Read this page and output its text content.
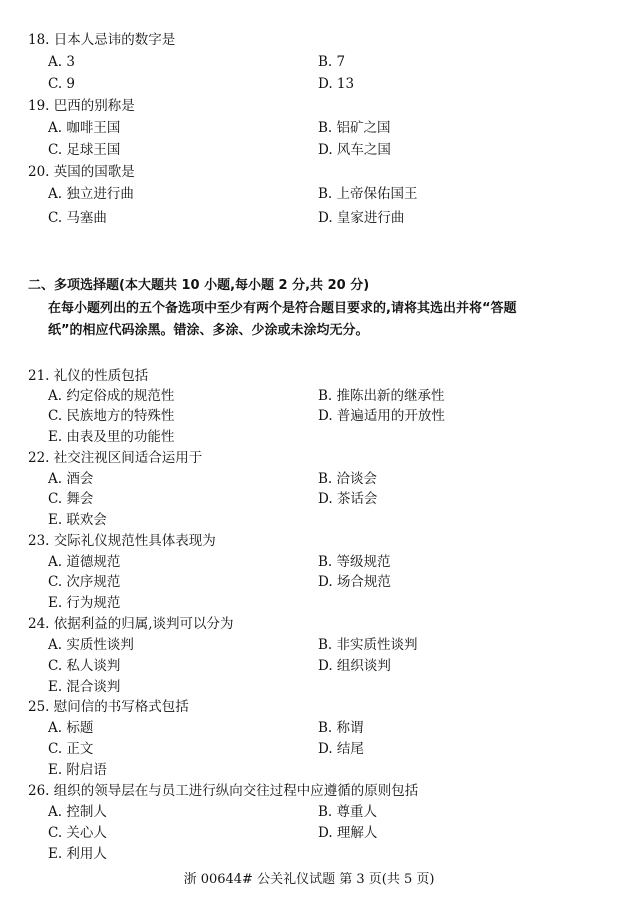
18. 日本人忌讳的数字是
A. 3	B. 7
C. 9	D. 13
19. 巴西的别称是
A. 咖啡王国	B. 铝矿之国
C. 足球王国	D. 风车之国
20. 英国的国歌是
A. 独立进行曲	B. 上帝保佑国王
C. 马塞曲	D. 皇家进行曲
二、多项选择题(本大题共 10 小题,每小题 2 分,共 20 分)
在每小题列出的五个备选项中至少有两个是符合题目要求的,请将其选出并将“答题
纸”的相应代码涂黑。错涂、多涂、少涂或未涂均无分。
21. 礼仪的性质包括
A. 约定俗成的规范性	B. 推陈出新的继承性
C. 民族地方的特殊性	D. 普遍适用的开放性
E. 由表及里的功能性
22. 社交注视区间适合运用于
A. 酒会	B. 洽谈会
C. 舞会	D. 茶话会
E. 联欢会
23. 交际礼仪规范性具体表现为
A. 道德规范	B. 等级规范
C. 次序规范	D. 场合规范
E. 行为规范
24. 依据利益的归属,谈判可以分为
A. 实质性谈判	B. 非实质性谈判
C. 私人谈判	D. 组织谈判
E. 混合谈判
25. 慰问信的书写格式包括
A. 标题	B. 称谓
C. 正文	D. 结尾
E. 附启语
26. 组织的领导层在与员工进行纵向交往过程中应遵循的原则包括
A. 控制人	B. 尊重人
C. 关心人	D. 理解人
E. 利用人
浙 00644# 公关礼仪试题 第 3 页(共 5 页)
